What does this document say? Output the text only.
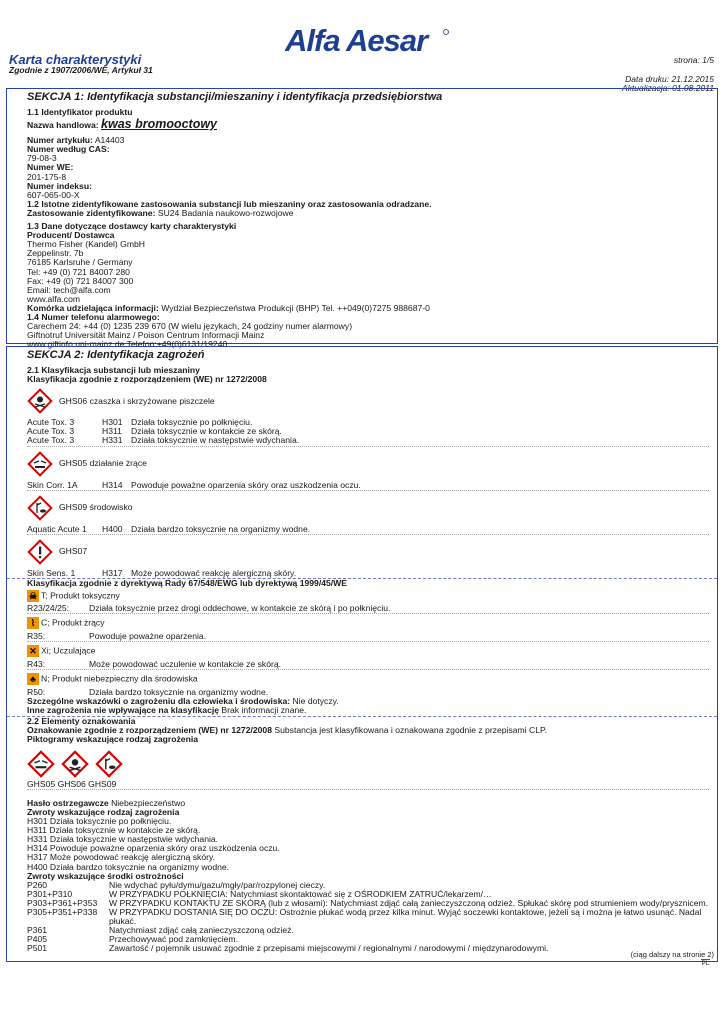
Alfa Aesar
Karta charakterystyki
Zgodnie z 1907/2006/WE, Artykuł 31
strona: 1/5
Data druku: 21.12.2015
Aktualizacja: 01.08.2011
SEKCJA 1: Identyfikacja substancji/mieszaniny i identyfikacja przedsiębiorstwa
1.1 Identyfikator produktu
Nazwa handlowa: kwas bromooctowy
Numer artykułu: A14403
Numer według CAS:
79-08-3
Numer WE:
201-175-8
Numer indeksu:
607-065-00-X
1.2 Istotne zidentyfikowane zastosowania substancji lub mieszaniny oraz zastosowania odradzane.
Zastosowanie zidentyfikowane: SU24 Badania naukowo-rozwojowe
1.3 Dane dotyczące dostawcy karty charakterystyki
Producent/ Dostawca
Thermo Fisher (Kandel) GmbH
Zeppelinstr. 7b
76185 Karlsruhe / Germany
Tel: +49 (0) 721 84007 280
Fax: +49 (0) 721 84007 300
Email: tech@alfa.com
www.alfa.com
Komórka udzielająca informacji: Wydział Bezpieczeństwa Produkcji (BHP) Tel. ++049(0)7275 988687-0
1.4 Numer telefonu alarmowego:
Carechem 24: +44 (0) 1235 239 670 (W wielu językach, 24 godziny numer alarmowy)
Giftnotruf Universität Mainz / Poison Centrum Informacji Mainz
www.giftinfo.uni-mainz.de Telefon:+49(0)6131/19240
SEKCJA 2: Identyfikacja zagrożeń
2.1 Klasyfikacja substancji lub mieszaniny
Klasyfikacja zgodnie z rozporządzeniem (WE) nr 1272/2008
GHS06 czaszka i skrzyżowane piszczele
Acute Tox. 3	H301 Działa toksycznie po połknięciu.
Acute Tox. 3	H311	Działa toksycznie w kontakcie ze skórą.
Acute Tox. 3	H331 Działa toksycznie w następstwie wdychania.
GHS05 działanie żrące
Skin Corr. 1A	H314 Powoduje poważne oparzenia skóry oraz uszkodzenia oczu.
GHS09 środowisko
Aquatic Acute 1	H400 Działa bardzo toksycznie na organizmy wodne.
GHS07
Skin Sens. 1	H317 Może powodować reakcję alergiczną skóry.
Klasyfikacja zgodnie z dyrektywą Rady 67/548/EWG lub dyrektywą 1999/45/WE
☠ T; Produkt toksyczny
R23/24/25:	Działa toksycznie przez drogi oddechowe, w kontakcie ze skórą i po połknięciu.
⌇ C; Produkt żrący
R35:	Powoduje poważne oparzenia.
✕ Xi; Uczulające
R43:	Może powodować uczulenie w kontakcie ze skórą.
♣ N; Produkt niebezpieczny dla środowiska
R50:	Działa bardzo toksycznie na organizmy wodne.
Szczególne wskazówki o zagrożeniu dla człowieka i środowiska: Nie dotyczy.
Inne zagrożenia nie wpływające na klasyfikację Brak informacji znane.
2.2 Elementy oznakowania
Oznakowanie zgodnie z rozporządzeniem (WE) nr 1272/2008 Substancja jest klasyfikowana i oznakowana zgodnie z przepisami CLP.
Piktogramy wskazujące rodzaj zagrożenia
GHS05 GHS06 GHS09
Hasło ostrzegawcze Niebezpieczeństwo
Zwroty wskazujące rodzaj zagrożenia
H301 Działa toksycznie po połknięciu.
H311 Działa toksycznie w kontakcie ze skórą.
H331 Działa toksycznie w następstwie wdychania.
H314 Powoduje poważne oparzenia skóry oraz uszkodzenia oczu.
H317 Może powodować reakcję alergiczną skóry.
H400 Działa bardzo toksycznie na organizmy wodne.
Zwroty wskazujące środki ostrożności
P260	Nie wdychać pyłu/dymu/gazu/mgły/par/rozpylonej cieczy.
P301+P310	W PRZYPADKU POŁKNIĘCIA: Natychmiast skontaktować się z OŚRODKIEM ZATRUĆ/lekarzem/…
P303+P361+P353	W PRZYPADKU KONTAKTU ZE SKÓRĄ (lub z włosami): Natychmiast zdjąć całą zanieczyszczoną odzież. Spłukać skórę pod strumieniem wody/prysznicem.
P305+P351+P338	W PRZYPADKU DOSTANIA SIĘ DO OCZU: Ostrożnie płukać wodą przez kilka minut. Wyjąć soczewki kontaktowe, jeżeli są i można je łatwo usunąć. Nadal płukać.
P361	Natychmiast zdjąć całą zanieczyszczoną odzież.
P405	Przechowywać pod zamknięciem.
P501	Zawartość / pojemnik usuwać zgodnie z przepisami miejscowymi / regionalnymi / narodowymi / międzynarodowymi.
(ciąg dalszy na stronie 2)
PL
